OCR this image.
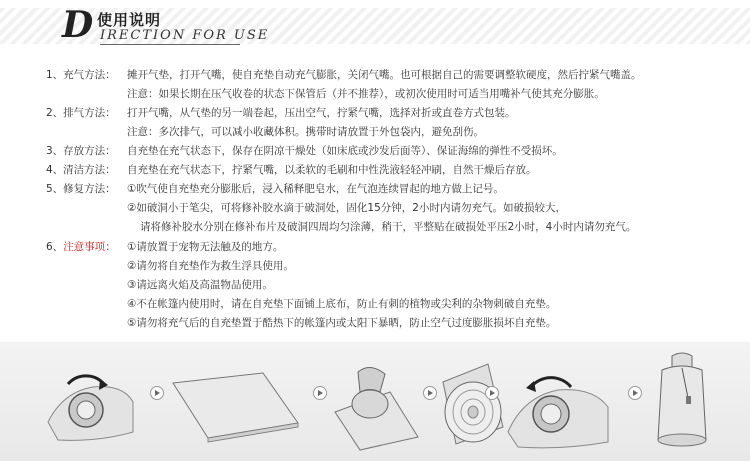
D 使用说明
IRECTION FOR USE
1、充气方法： 摊开气垫，打开气嘴，使自充垫自动充气膨胀，关闭气嘴。也可根据自己的需要调整软硬度，然后拧紧气嘴盖。
注意：如果长期在压气收卷的状态下保管后（并不推荐），或初次使用时可适当用嘴补气使其充分膨胀。
2、排气方法： 打开气嘴，从气垫的另一端卷起，压出空气，拧紧气嘴，选择对折或直卷方式包装。
注意：多次排气，可以减小收藏体积。携带时请放置于外包袋内，避免刮伤。
3、存放方法： 自充垫在充气状态下，保存在阴凉干燥处（如床底或沙发后面等）、保证海绵的弹性不受损坏。
4、清洁方法： 自充垫在充气状态下，拧紧气嘴，以柔软的毛刷和中性洗液轻轻冲刷，自然干燥后存放。
5、修复方法： ①吹气使自充垫充分膨胀后，浸入稀释肥皂水，在气泡连续冒起的地方做上记号。
②如破洞小于笔尖，可将修补胶水滴于破洞处，固化15分钟，2小时内请勿充气。如破损较大，
请将修补胶水分别在修补布片及破洞四周均匀涂薄，稍干，平整贴在破损处平压2小时，4小时内请勿充气。
6、注意事项： ①请放置于宠物无法触及的地方。
②请勿将自充垫作为救生浮具使用。
③请远离火焰及高温物品使用。
④不在帐篷内使用时，请在自充垫下面铺上底布，防止有刺的植物或尖利的杂物刺破自充垫。
⑤请勿将充气后的自充垫置于酷热下的帐篷内或太阳下暴晒，防止空气过度膨胀损坏自充垫。
